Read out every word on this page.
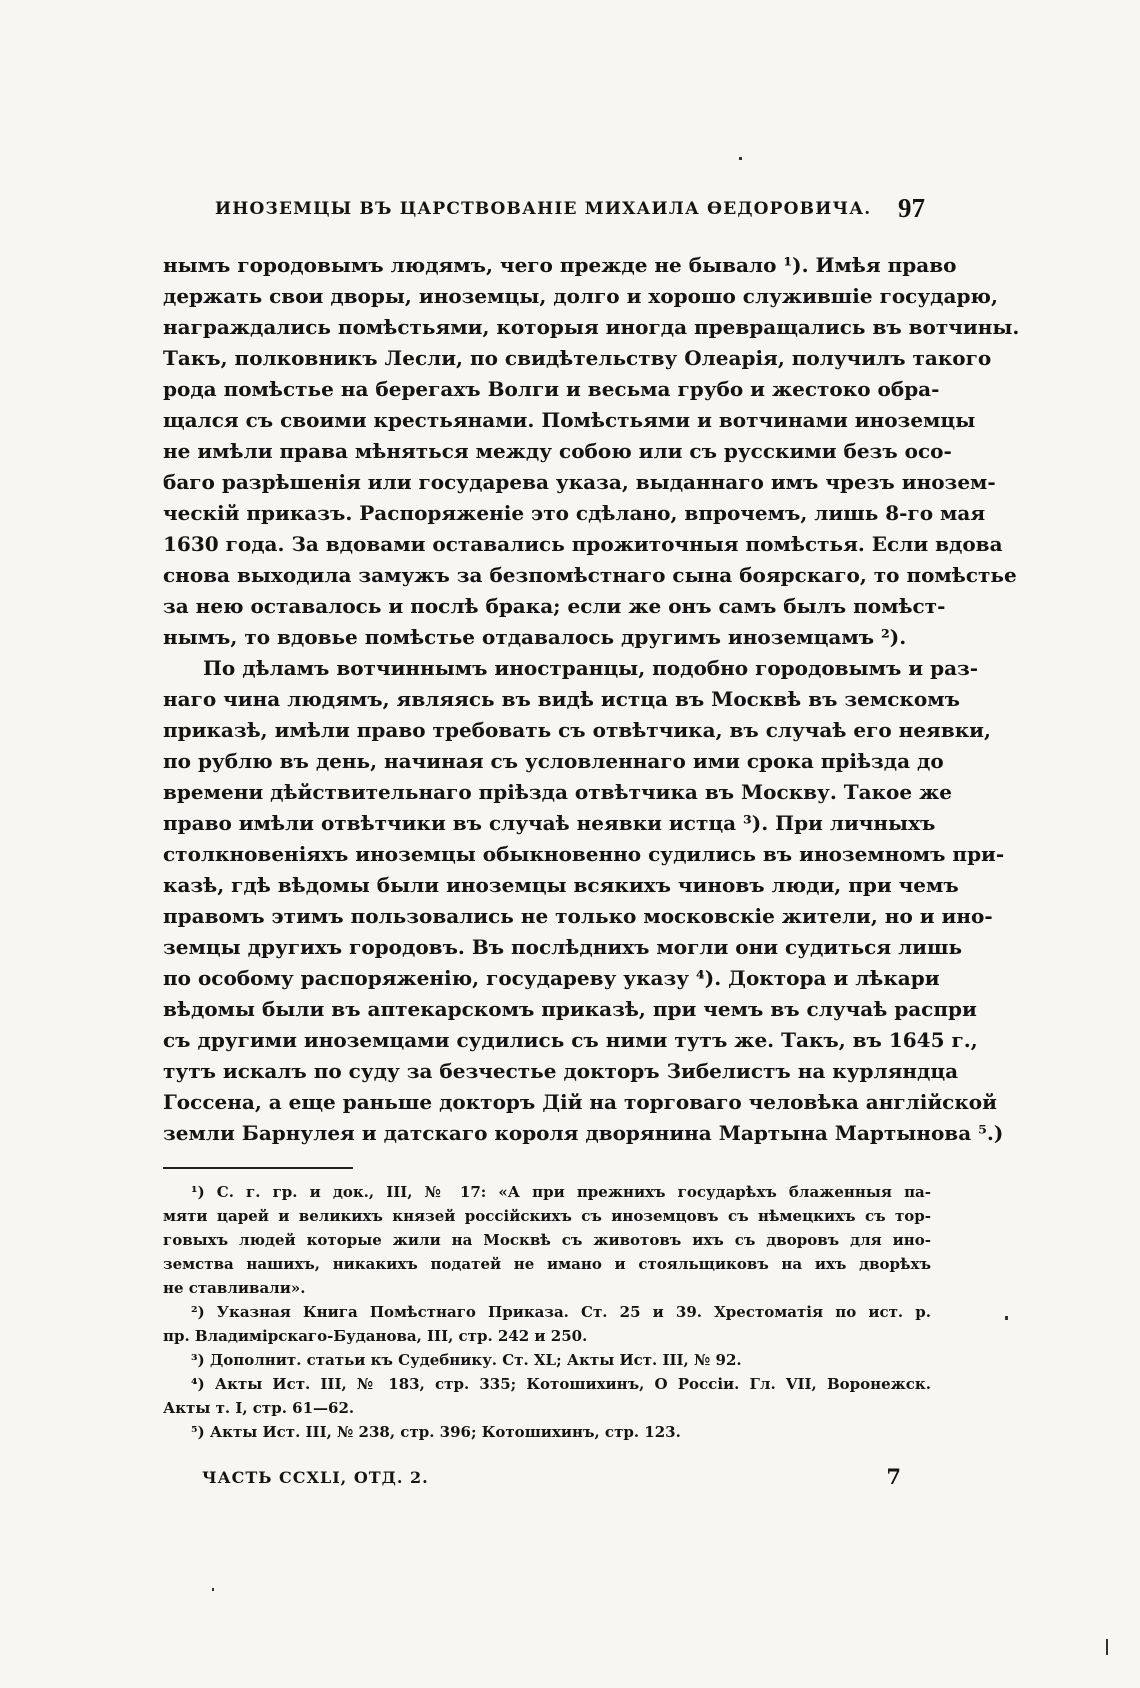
ИНОЗЕМЦЫ ВЪ ЦАРСТВОВАНІЕ МИХАИЛА ѲЕДОРОВИЧА. 97
нымъ городовымъ людямъ, чего прежде не бывало ¹). Имѣя право
держать свои дворы, иноземцы, долго и хорошо служившіе государю,
награждались помѣстьями, которыя иногда превращались въ вотчины.
Такъ, полковникъ Лесли, по свидѣтельству Олеарія, получилъ такого
рода помѣстье на берегахъ Волги и весьма грубо и жестоко обра-
щался съ своими крестьянами. Помѣстьями и вотчинами иноземцы
не имѣли права мѣняться между собою или съ русскими безъ осо-
баго разрѣшенія или государева указа, выданнаго имъ чрезъ инозем-
ческій приказъ. Распоряженіе это сдѣлано, впрочемъ, лишь 8-го мая
1630 года. За вдовами оставались прожиточныя помѣстья. Если вдова
снова выходила замужъ за безпомѣстнаго сына боярскаго, то помѣстье
за нею оставалось и послѣ брака; если же онъ самъ былъ помѣст-
нымъ, то вдовье помѣстье отдавалось другимъ иноземцамъ ²).
По дѣламъ вотчиннымъ иностранцы, подобно городовымъ и раз-
наго чина людямъ, являясь въ видѣ истца въ Москвѣ въ земскомъ
приказѣ, имѣли право требовать съ отвѣтчика, въ случаѣ его неявки,
по рублю въ день, начиная съ условленнаго ими срока пріѣзда до
времени дѣйствительнаго пріѣзда отвѣтчика въ Москву. Такое же
право имѣли отвѣтчики въ случаѣ неявки истца ³). При личныхъ
столкновеніяхъ иноземцы обыкновенно судились въ иноземномъ при-
казѣ, гдѣ вѣдомы были иноземцы всякихъ чиновъ люди, при чемъ
правомъ этимъ пользовались не только московскіе жители, но и ино-
земцы другихъ городовъ. Въ послѣднихъ могли они судиться лишь
по особому распоряженію, государеву указу ⁴). Доктора и лѣкари
вѣдомы были въ аптекарскомъ приказѣ, при чемъ въ случаѣ распри
съ другими иноземцами судились съ ними тутъ же. Такъ, въ 1645 г.,
тутъ искалъ по суду за безчестье докторъ Зибелистъ на курляндца
Госсена, а еще раньше докторъ Дій на торговаго человѣка англійской
земли Барнулея и датскаго короля дворянина Мартына Мартынова ⁵.)
¹) С. г. гр. и док., III, № 17: «А при прежнихъ государѣхъ блаженныя па-
мяти царей и великихъ князей россійскихъ съ иноземцовъ съ нѣмецкихъ съ тор-
говыхъ людей которые жили на Москвѣ съ животовъ ихъ съ дворовъ для ино-
земства нашихъ, никакихъ податей не имано и стояльщиковъ на ихъ дворѣхъ
не ставливали».
²) Указная Книга Помѣстнаго Приказа. Ст. 25 и 39. Хрестоматія по ист. р.
пр. Владимірскаго-Буданова, III, стр. 242 и 250.
³) Дополнит. статьи къ Судебнику. Ст. XL; Акты Ист. III, № 92.
⁴) Акты Ист. III, № 183, стр. 335; Котошихинъ, О Россіи. Гл. VII, Воронежск.
Акты т. I, стр. 61—62.
⁵) Акты Ист. III, № 238, стр. 396; Котошихинъ, стр. 123.
ЧАСТЬ CCXLI, ОТД. 2.	7
